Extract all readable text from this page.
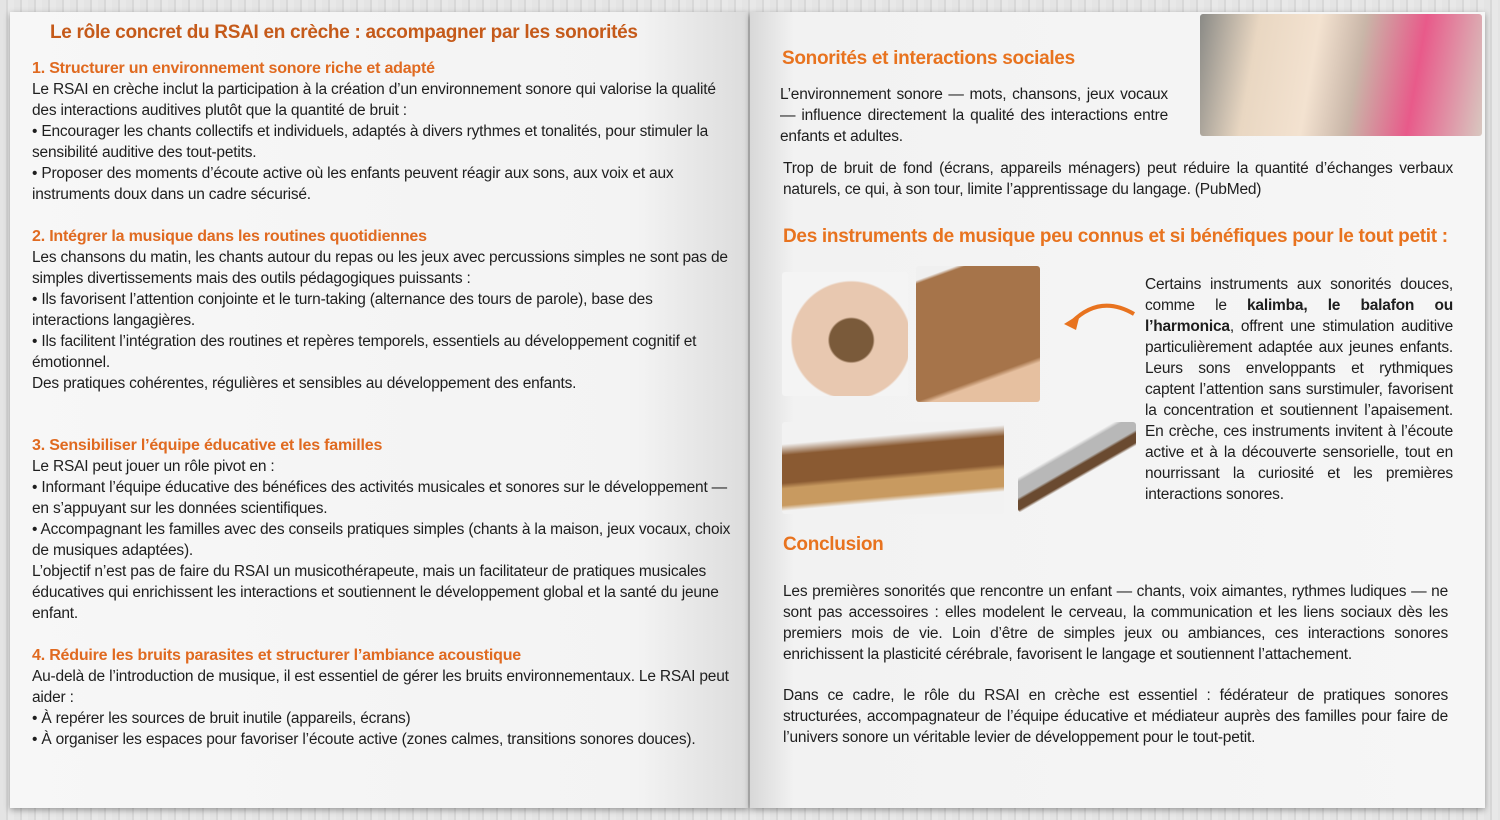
Le rôle concret du RSAI en crèche : accompagner par les sonorités
1. Structurer un environnement sonore riche et adapté
Le RSAI en crèche inclut la participation à la création d’un environnement sonore qui valorise la qualité des interactions auditives plutôt que la quantité de bruit :
• Encourager les chants collectifs et individuels, adaptés à divers rythmes et tonalités, pour stimuler la sensibilité auditive des tout-petits.
• Proposer des moments d’écoute active où les enfants peuvent réagir aux sons, aux voix et aux instruments doux dans un cadre sécurisé.
2. Intégrer la musique dans les routines quotidiennes
Les chansons du matin, les chants autour du repas ou les jeux avec percussions simples ne sont pas de simples divertissements mais des outils pédagogiques puissants :
• Ils favorisent l’attention conjointe et le turn-taking (alternance des tours de parole), base des interactions langagières.
• Ils facilitent l’intégration des routines et repères temporels, essentiels au développement cognitif et émotionnel.
Des pratiques cohérentes, régulières et sensibles au développement des enfants.
3. Sensibiliser l’équipe éducative et les familles
Le RSAI peut jouer un rôle pivot en :
• Informant l’équipe éducative des bénéfices des activités musicales et sonores sur le développement — en s’appuyant sur les données scientifiques.
• Accompagnant les familles avec des conseils pratiques simples (chants à la maison, jeux vocaux, choix de musiques adaptées).
L’objectif n’est pas de faire du RSAI un musicothérapeute, mais un facilitateur de pratiques musicales éducatives qui enrichissent les interactions et soutiennent le développement global et la santé du jeune enfant.
4. Réduire les bruits parasites et structurer l’ambiance acoustique
Au-delà de l’introduction de musique, il est essentiel de gérer les bruits environnementaux. Le RSAI peut aider :
• À repérer les sources de bruit inutile (appareils, écrans)
• À organiser les espaces pour favoriser l’écoute active (zones calmes, transitions sonores douces).
Sonorités et interactions sociales
L’environnement sonore — mots, chansons, jeux vocaux — influence directement la qualité des interactions entre enfants et adultes.
Trop de bruit de fond (écrans, appareils ménagers) peut réduire la quantité d’échanges verbaux naturels, ce qui, à son tour, limite l’apprentissage du langage. (PubMed)
Des instruments de musique peu connus et si bénéfiques pour le tout petit :
Certains instruments aux sonorités douces, comme le kalimba, le balafon ou l’harmonica, offrent une stimulation auditive particulièrement adaptée aux jeunes enfants. Leurs sons enveloppants et rythmiques captent l’attention sans surstimuler, favorisent la concentration et soutiennent l’apaisement. En crèche, ces instruments invitent à l’écoute active et à la découverte sensorielle, tout en nourrissant la curiosité et les premières interactions sonores.
Conclusion
Les premières sonorités que rencontre un enfant — chants, voix aimantes, rythmes ludiques — ne sont pas accessoires : elles modelent le cerveau, la communication et les liens sociaux dès les premiers mois de vie. Loin d’être de simples jeux ou ambiances, ces interactions sonores enrichissent la plasticité cérébrale, favorisent le langage et soutiennent l’attachement.
Dans ce cadre, le rôle du RSAI en crèche est essentiel : fédérateur de pratiques sonores structurées, accompagnateur de l’équipe éducative et médiateur auprès des familles pour faire de l’univers sonore un véritable levier de développement pour le tout-petit.
